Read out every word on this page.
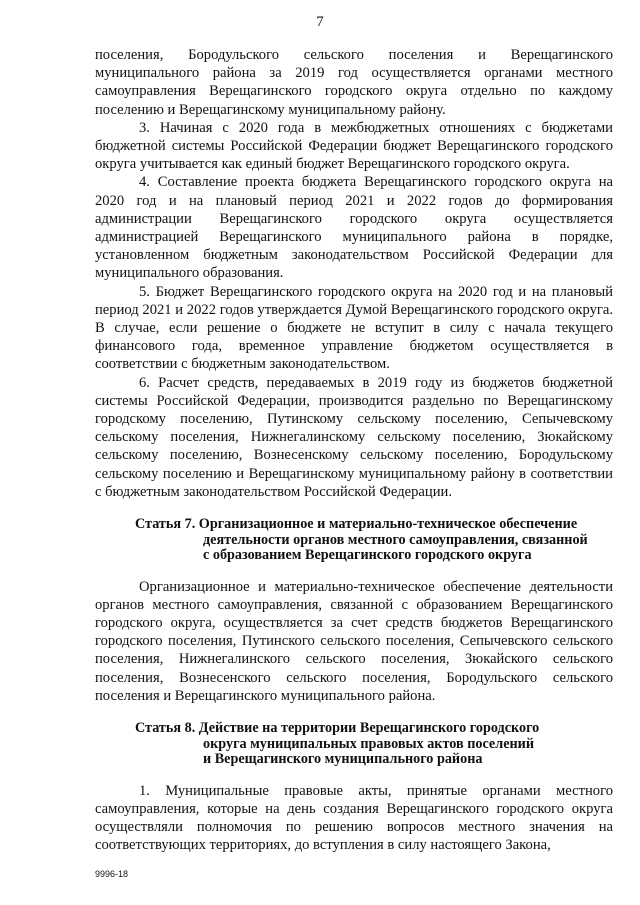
7

поселения, Бородульского сельского поселения и Верещагинского муниципального района за 2019 год осуществляется органами местного самоуправления Верещагинского городского округа отдельно по каждому поселению и Верещагинскому муниципальному району.

3. Начиная с 2020 года в межбюджетных отношениях с бюджетами бюджетной системы Российской Федерации бюджет Верещагинского городского округа учитывается как единый бюджет Верещагинского городского округа.

4. Составление проекта бюджета Верещагинского городского округа на 2020 год и на плановый период 2021 и 2022 годов до формирования администрации Верещагинского городского округа осуществляется администрацией Верещагинского муниципального района в порядке, установленном бюджетным законодательством Российской Федерации для муниципального образования.

5. Бюджет Верещагинского городского округа на 2020 год и на плановый период 2021 и 2022 годов утверждается Думой Верещагинского городского округа. В случае, если решение о бюджете не вступит в силу с начала текущего финансового года, временное управление бюджетом осуществляется в соответствии с бюджетным законодательством.

6. Расчет средств, передаваемых в 2019 году из бюджетов бюджетной системы Российской Федерации, производится раздельно по Верещагинскому городскому поселению, Путинскому сельскому поселению, Сепычевскому сельскому поселения, Нижнегалинскому сельскому поселению, Зюкайскому сельскому поселению, Вознесенскому сельскому поселению, Бородульскому сельскому поселению и Верещагинскому муниципальному району в соответствии с бюджетным законодательством Российской Федерации.

Статья 7. Организационное и материально-техническое обеспечение
деятельности органов местного самоуправления, связанной
с образованием Верещагинского городского округа

Организационное и материально-техническое обеспечение деятельности органов местного самоуправления, связанной с образованием Верещагинского городского округа, осуществляется за счет средств бюджетов Верещагинского городского поселения, Путинского сельского поселения, Сепычевского сельского поселения, Нижнегалинского сельского поселения, Зюкайского сельского поселения, Вознесенского сельского поселения, Бородульского сельского поселения и Верещагинского муниципального района.

Статья 8. Действие на территории Верещагинского городского
округа муниципальных правовых актов поселений
и Верещагинского муниципального района

1. Муниципальные правовые акты, принятые органами местного самоуправления, которые на день создания Верещагинского городского округа осуществляли полномочия по решению вопросов местного значения на соответствующих территориях, до вступления в силу настоящего Закона,

9996-18
